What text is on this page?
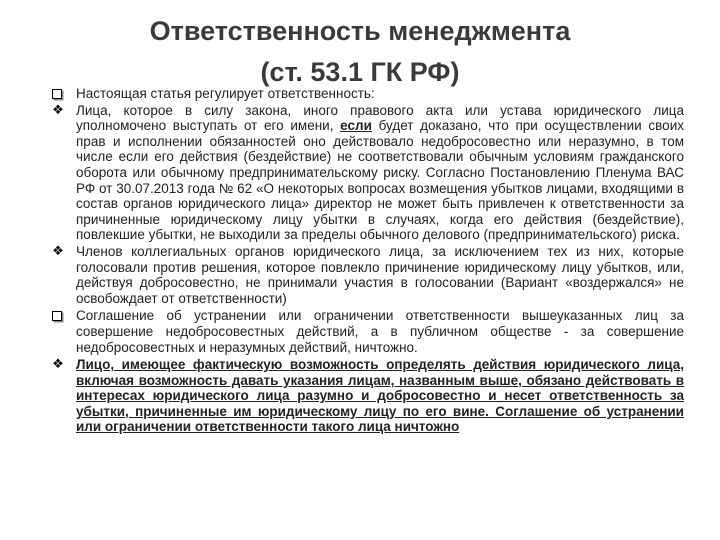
Ответственность менеджмента
(ст. 53.1 ГК РФ)
Настоящая статья регулирует ответственность:
❖ Лица, которое в силу закона, иного правового акта или устава юридического лица уполномочено выступать от его имени, если будет доказано, что при осуществлении своих прав и исполнении обязанностей оно действовало недобросовестно или неразумно, в том числе если его действия (бездействие) не соответствовали обычным условиям гражданского оборота или обычному предпринимательскому риску. Согласно Постановлению Пленума ВАС РФ от 30.07.2013 года № 62 «О некоторых вопросах возмещения убытков лицами, входящими в состав органов юридического лица» директор не может быть привлечен к ответственности за причиненные юридическому лицу убытки в случаях, когда его действия (бездействие), повлекшие убытки, не выходили за пределы обычного делового (предпринимательского) риска.
❖ Членов коллегиальных органов юридического лица, за исключением тех из них, которые голосовали против решения, которое повлекло причинение юридическому лицу убытков, или, действуя добросовестно, не принимали участия в голосовании (Вариант «воздержался» не освобождает от ответственности)
Соглашение об устранении или ограничении ответственности вышеуказанных лиц за совершение недобросовестных действий, а в публичном обществе - за совершение недобросовестных и неразумных действий, ничтожно.
❖ Лицо, имеющее фактическую возможность определять действия юридического лица, включая возможность давать указания лицам, названным выше, обязано действовать в интересах юридического лица разумно и добросовестно и несет ответственность за убытки, причиненные им юридическому лицу по его вине. Соглашение об устранении или ограничении ответственности такого лица ничтожно
